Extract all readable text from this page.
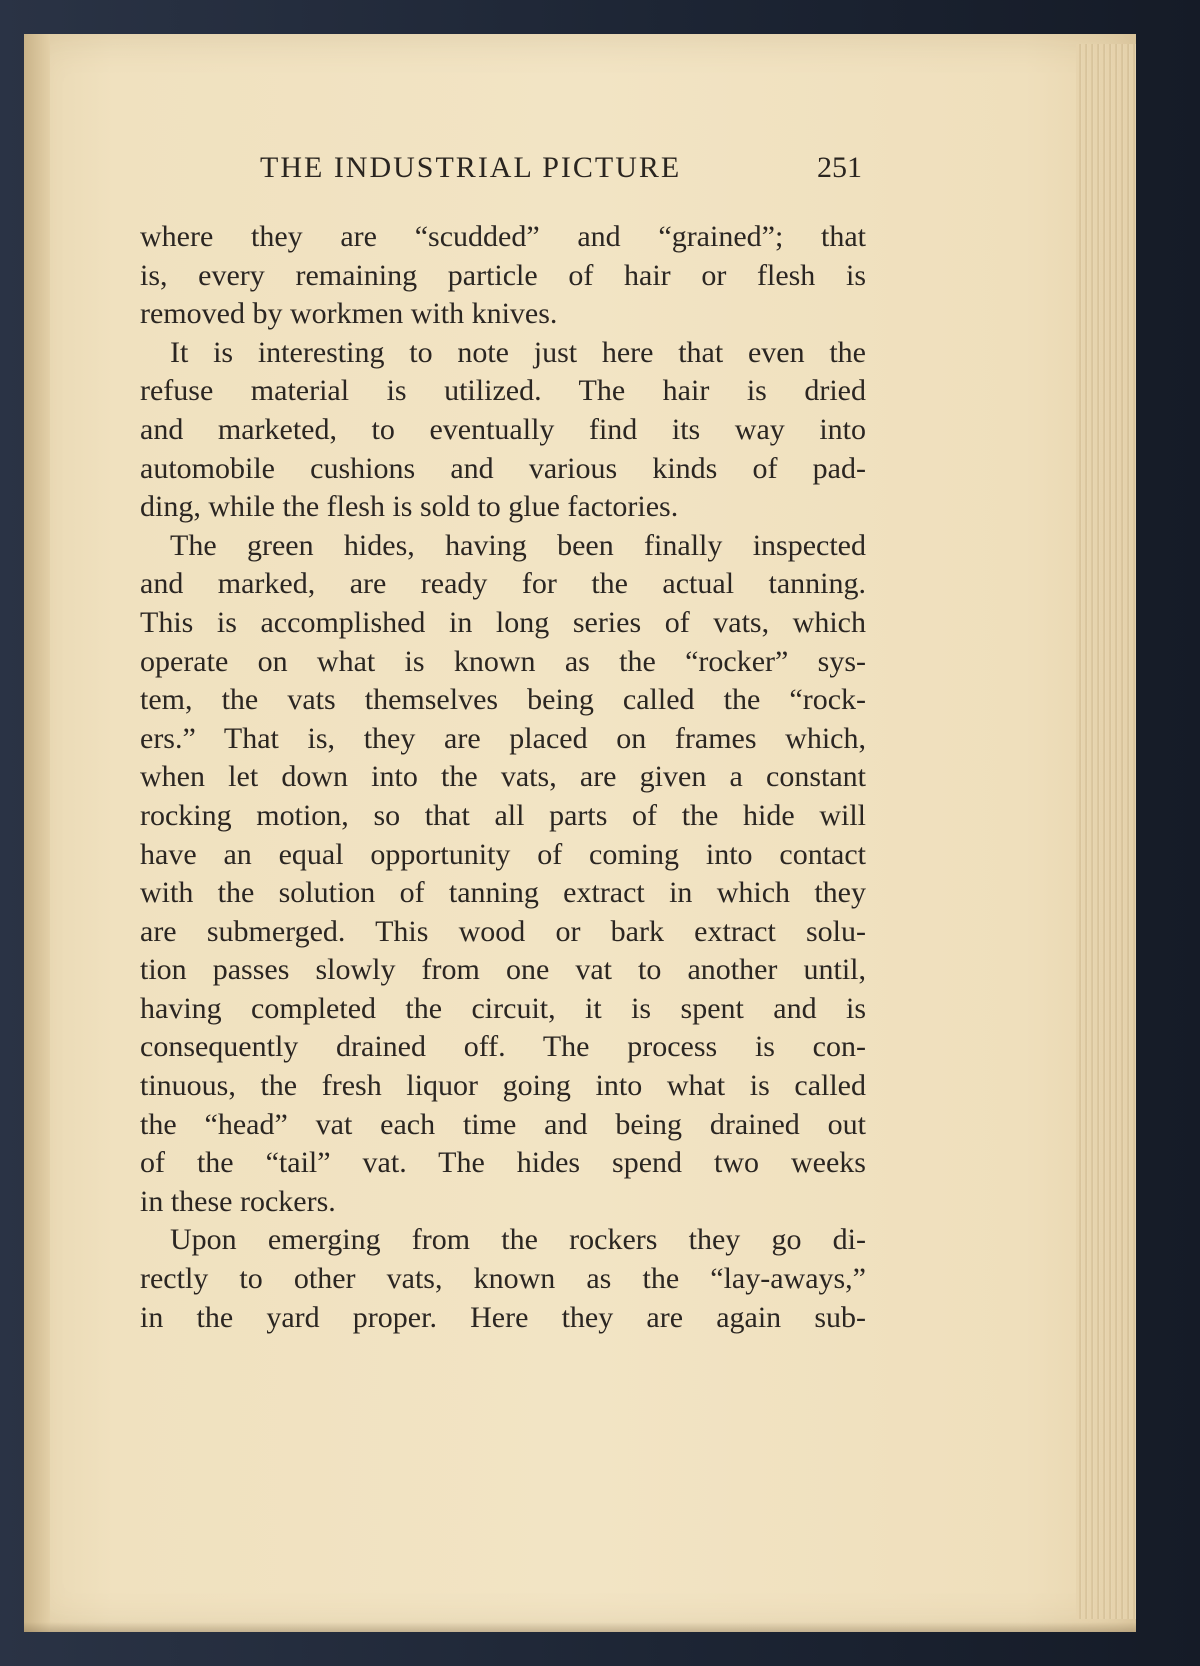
THE INDUSTRIAL PICTURE	251
where they are “scudded” and “grained”; that
is, every remaining particle of hair or flesh is
removed by workmen with knives.
It is interesting to note just here that even the
refuse material is utilized. The hair is dried
and marketed, to eventually find its way into
automobile cushions and various kinds of pad-
ding, while the flesh is sold to glue factories.
The green hides, having been finally inspected
and marked, are ready for the actual tanning.
This is accomplished in long series of vats, which
operate on what is known as the “rocker” sys-
tem, the vats themselves being called the “rock-
ers.” That is, they are placed on frames which,
when let down into the vats, are given a constant
rocking motion, so that all parts of the hide will
have an equal opportunity of coming into contact
with the solution of tanning extract in which they
are submerged. This wood or bark extract solu-
tion passes slowly from one vat to another until,
having completed the circuit, it is spent and is
consequently drained off. The process is con-
tinuous, the fresh liquor going into what is called
the “head” vat each time and being drained out
of the “tail” vat. The hides spend two weeks
in these rockers.
Upon emerging from the rockers they go di-
rectly to other vats, known as the “lay-aways,”
in the yard proper. Here they are again sub-
